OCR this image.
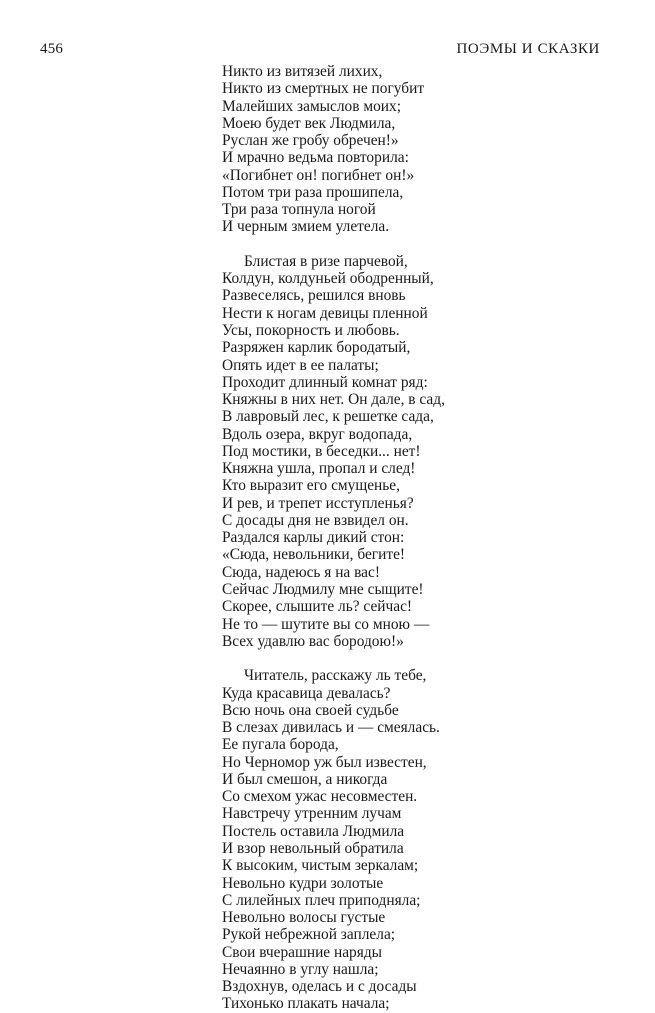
456	ПОЭМЫ И СКАЗКИ
Никто из витязей лихих,
Никто из смертных не погубит
Малейших замыслов моих;
Моею будет век Людмила,
Руслан же гробу обречен!»
И мрачно ведьма повторила:
«Погибнет он! погибнет он!»
Потом три раза прошипела,
Три раза топнула ногой
И черным змием улетела.
Блистая в ризе парчевой,
Колдун, колдуньей ободренный,
Развеселясь, решился вновь
Нести к ногам девицы пленной
Усы, покорность и любовь.
Разряжен карлик бородатый,
Опять идет в ее палаты;
Проходит длинный комнат ряд:
Княжны в них нет. Он дале, в сад,
В лавровый лес, к решетке сада,
Вдоль озера, вкруг водопада,
Под мостики, в беседки... нет!
Княжна ушла, пропал и след!
Кто выразит его смущенье,
И рев, и трепет исступленья?
С досады дня не взвидел он.
Раздался карлы дикий стон:
«Сюда, невольники, бегите!
Сюда, надеюсь я на вас!
Сейчас Людмилу мне сыщите!
Скорее, слышите ль? сейчас!
Не то — шутите вы со мною —
Всех удавлю вас бородою!»
Читатель, расскажу ль тебе,
Куда красавица девалась?
Всю ночь она своей судьбе
В слезах дивилась и — смеялась.
Ее пугала борода,
Но Черномор уж был известен,
И был смешон, а никогда
Со смехом ужас несовместен.
Навстречу утренним лучам
Постель оставила Людмила
И взор невольный обратила
К высоким, чистым зеркалам;
Невольно кудри золотые
С лилейных плеч приподняла;
Невольно волосы густые
Рукой небрежной заплела;
Свои вчерашние наряды
Нечаянно в углу нашла;
Вздохнув, оделась и с досады
Тихонько плакать начала;
